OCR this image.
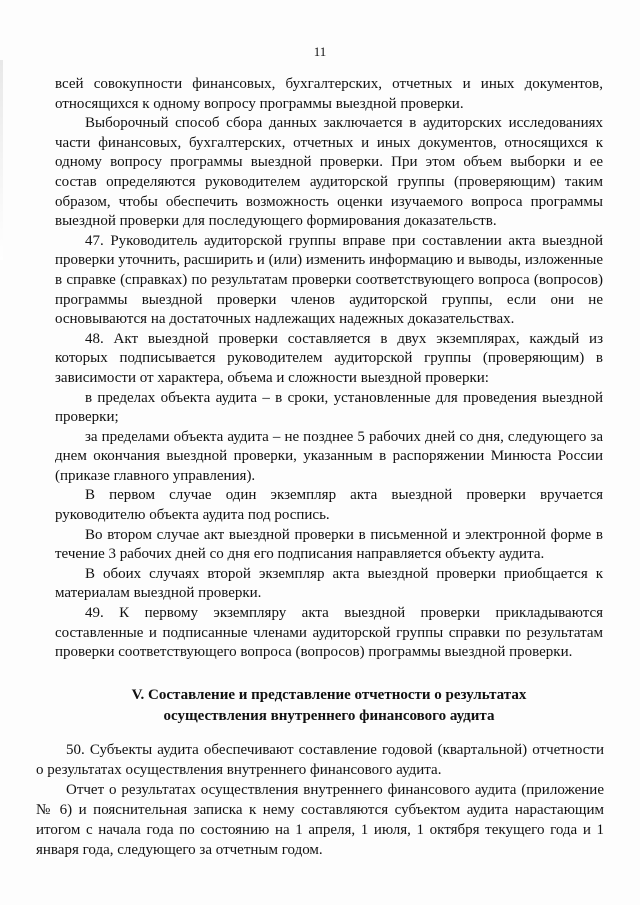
11

всей совокупности финансовых, бухгалтерских, отчетных и иных документов, относящихся к одному вопросу программы выездной проверки.

Выборочный способ сбора данных заключается в аудиторских исследованиях части финансовых, бухгалтерских, отчетных и иных документов, относящихся к одному вопросу программы выездной проверки. При этом объем выборки и ее состав определяются руководителем аудиторской группы (проверяющим) таким образом, чтобы обеспечить возможность оценки изучаемого вопроса программы выездной проверки для последующего формирования доказательств.

47. Руководитель аудиторской группы вправе при составлении акта выездной проверки уточнить, расширить и (или) изменить информацию и выводы, изложенные в справке (справках) по результатам проверки соответствующего вопроса (вопросов) программы выездной проверки членов аудиторской группы, если они не основываются на достаточных надлежащих надежных доказательствах.

48. Акт выездной проверки составляется в двух экземплярах, каждый из которых подписывается руководителем аудиторской группы (проверяющим) в зависимости от характера, объема и сложности выездной проверки:

в пределах объекта аудита – в сроки, установленные для проведения выездной проверки;

за пределами объекта аудита – не позднее 5 рабочих дней со дня, следующего за днем окончания выездной проверки, указанным в распоряжении Минюста России (приказе главного управления).

В первом случае один экземпляр акта выездной проверки вручается руководителю объекта аудита под роспись.

Во втором случае акт выездной проверки в письменной и электронной форме в течение 3 рабочих дней со дня его подписания направляется объекту аудита.

В обоих случаях второй экземпляр акта выездной проверки приобщается к материалам выездной проверки.

49. К первому экземпляру акта выездной проверки прикладываются составленные и подписанные членами аудиторской группы справки по результатам проверки соответствующего вопроса (вопросов) программы выездной проверки.

V. Составление и представление отчетности о результатах
осуществления внутреннего финансового аудита

50. Субъекты аудита обеспечивают составление годовой (квартальной) отчетности о результатах осуществления внутреннего финансового аудита.

Отчет о результатах осуществления внутреннего финансового аудита (приложение № 6) и пояснительная записка к нему составляются субъектом аудита нарастающим итогом с начала года по состоянию на 1 апреля, 1 июля, 1 октября текущего года и 1 января года, следующего за отчетным годом.
